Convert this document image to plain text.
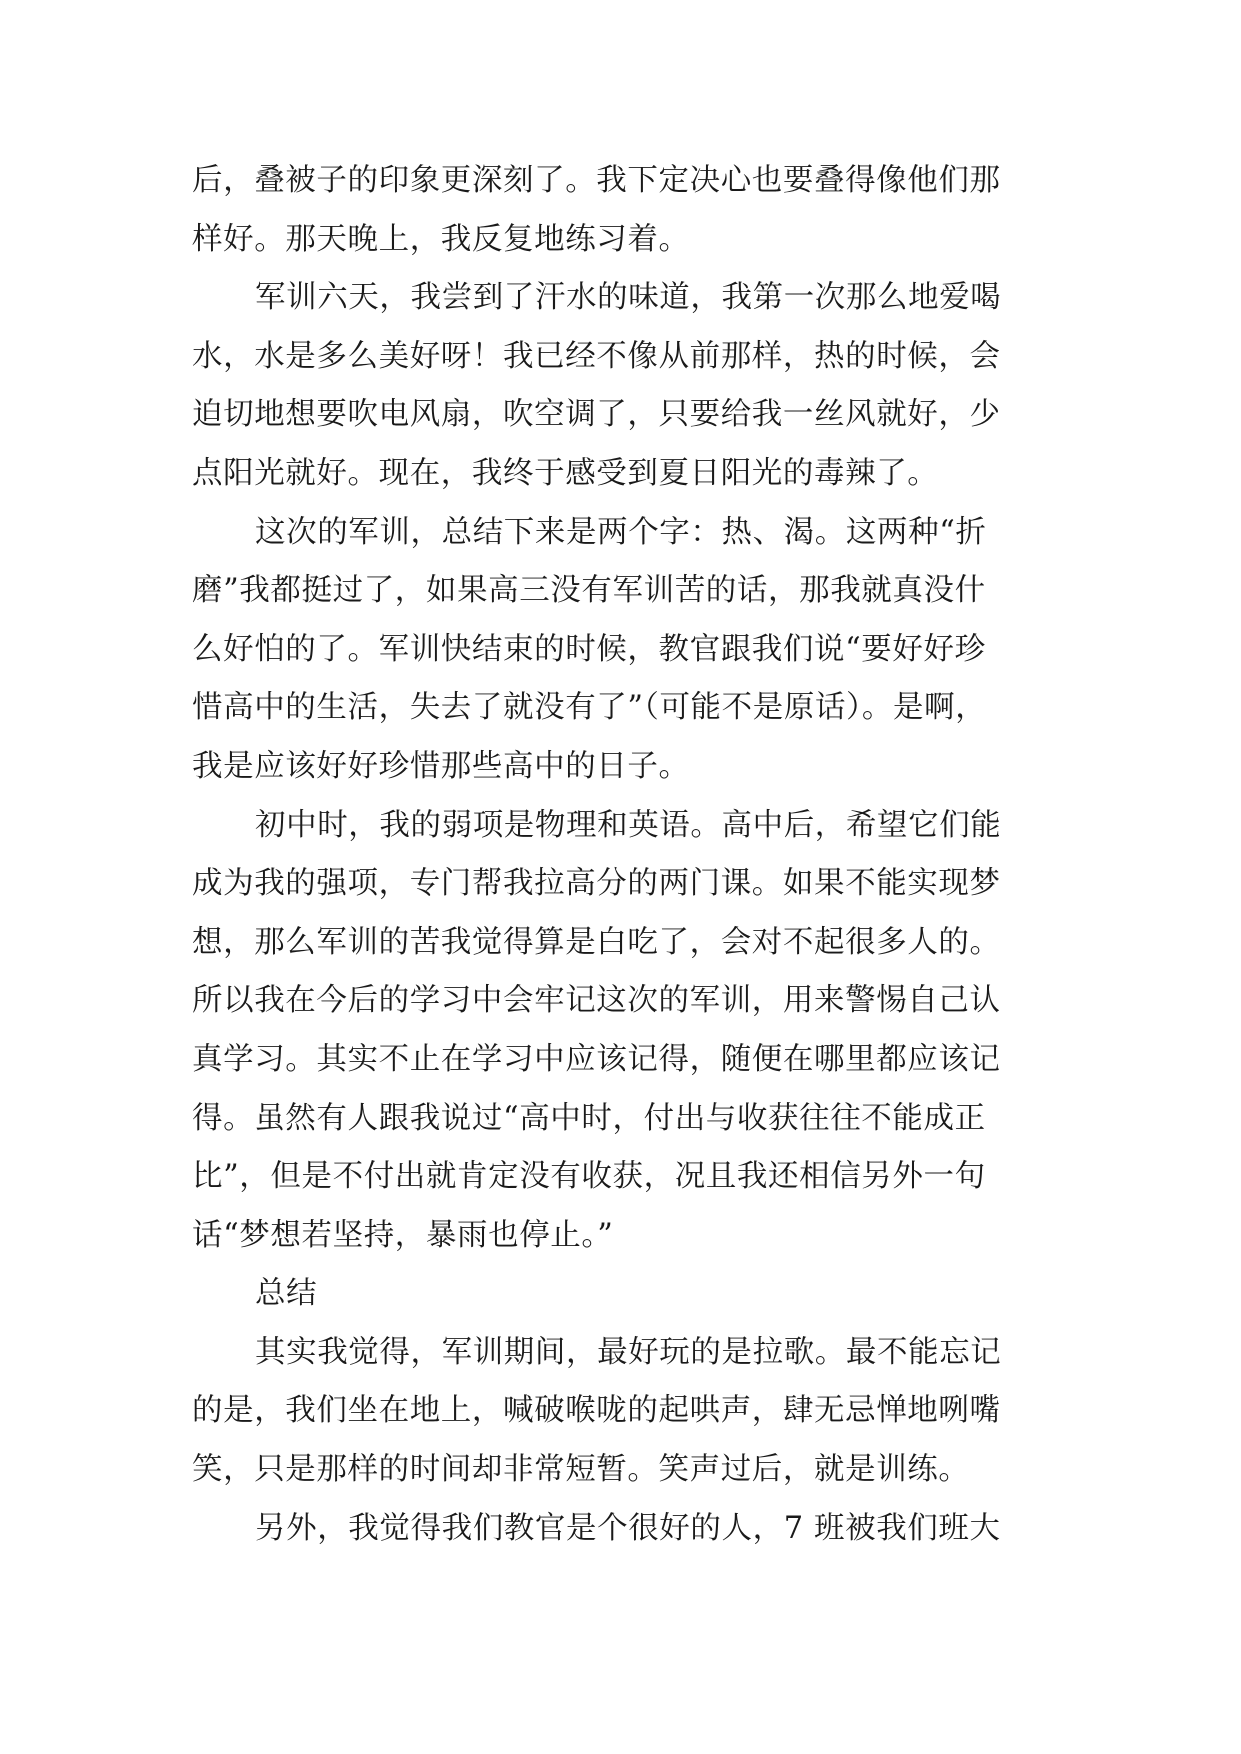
后，叠被子的印象更深刻了。我下定决心也要叠得像他们那
样好。那天晚上，我反复地练习着。
军训六天，我尝到了汗水的味道，我第一次那么地爱喝
水，水是多么美好呀！我已经不像从前那样，热的时候，会
迫切地想要吹电风扇，吹空调了，只要给我一丝风就好，少
点阳光就好。现在，我终于感受到夏日阳光的毒辣了。
这次的军训，总结下来是两个字：热、渴。这两种“折
磨”我都挺过了，如果高三没有军训苦的话，那我就真没什
么好怕的了。军训快结束的时候，教官跟我们说“要好好珍
惜高中的生活，失去了就没有了”（可能不是原话）。是啊，
我是应该好好珍惜那些高中的日子。
初中时，我的弱项是物理和英语。高中后，希望它们能
成为我的强项，专门帮我拉高分的两门课。如果不能实现梦
想，那么军训的苦我觉得算是白吃了，会对不起很多人的。
所以我在今后的学习中会牢记这次的军训，用来警惕自己认
真学习。其实不止在学习中应该记得，随便在哪里都应该记
得。虽然有人跟我说过“高中时，付出与收获往往不能成正
比”，但是不付出就肯定没有收获，况且我还相信另外一句
话“梦想若坚持，暴雨也停止。”
总结
其实我觉得，军训期间，最好玩的是拉歌。最不能忘记
的是，我们坐在地上，喊破喉咙的起哄声，肆无忌惮地咧嘴
笑，只是那样的时间却非常短暂。笑声过后，就是训练。
另外，我觉得我们教官是个很好的人，7 班被我们班大
